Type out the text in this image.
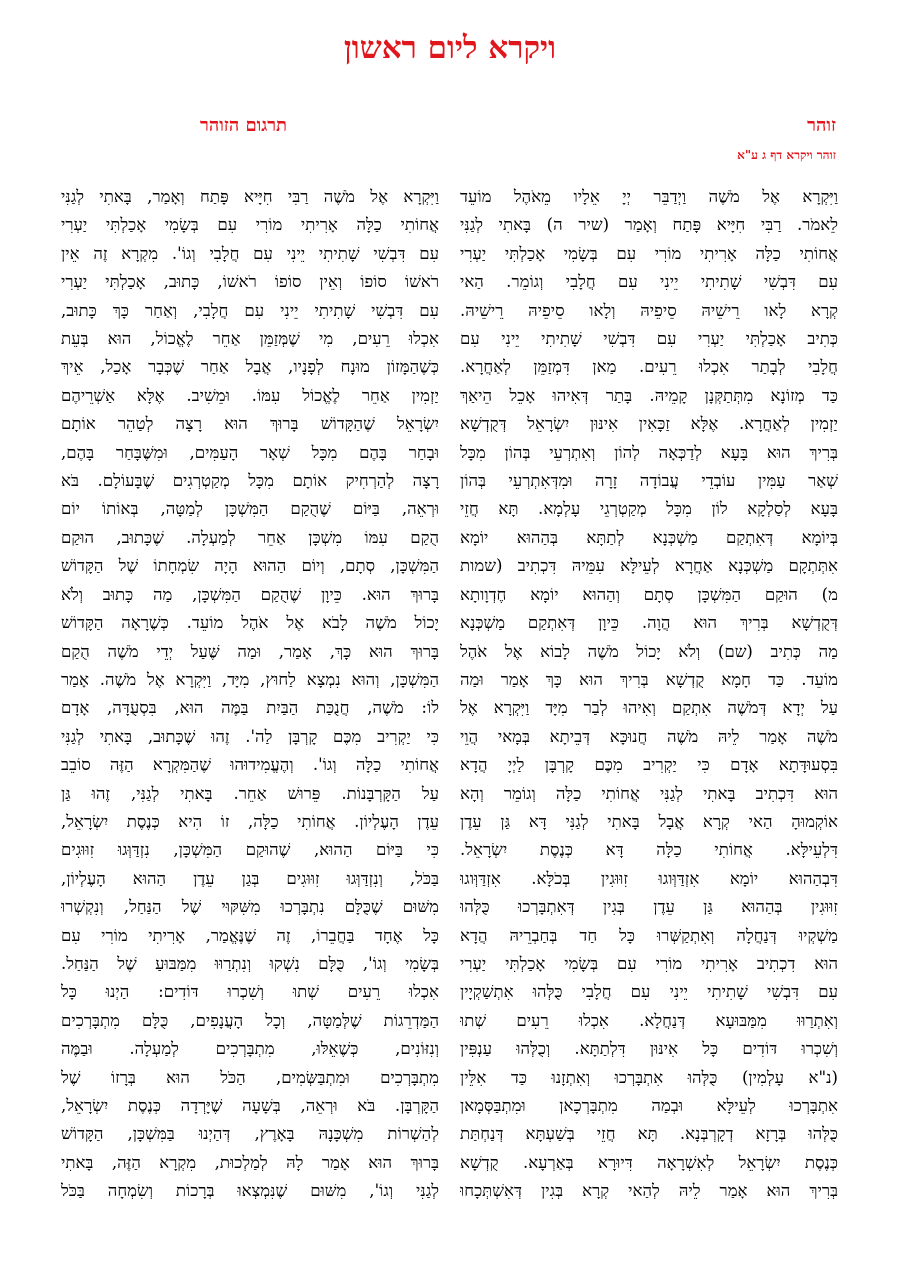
ויקרא ליום ראשון
זוהר
תרגום הזוהר
זוהר ויקרא דף ג ע"א
וַיִּקְרָא אֶל מֹשֶׁה וַיְדַבֵּר יְיָ אֵלָיו מֵאֹהֶל מוֹעֵד
לֵאמֹר. רַבִּי חִיָּיא פָּתַח וְאָמַר (שיר ה) בָּאתִי לְגַנִּי
אֲחוֹתִי כַלָּה אָרִיתִי מוֹרִי עִם בְּשָׂמִי אָכַלְתִּי יַעְרִי
עִם דִּבְשִׁי שָׁתִיתִי יֵינִי עִם חֲלָבִי וְגוֹמֵר. הַאי
קְרָא לָאו רֵישֵׁיהּ סֵיפֵיהּ וְלָאו סֵיפֵיהּ רֵישֵׁיהּ.
כְּתִיב אָכַלְתִּי יַעְרִי עִם דִּבְשִׁי שָׁתִיתִי יֵינִי עִם
חֲלָבִי לְבָתַר אִכְלוּ רֵעִים. מַאן דִּמְזַמֵּן לְאַחֲרָא.
כַּד מְזוֹנָא מִתְּתַקְּנָן קָמֵיהּ. בָּתַר דְּאִיהוּ אָכֵל הֵיאַךְ
יַזְמִין לְאַחֲרָא. אֶלָּא זַכָּאִין אִינּוּן יִשְׂרָאֵל דְּקֻדְשָׁא
בְּרִיךְ הוּא בָּעָא לְדַכְּאָה לְהוֹן וְאִתְרְעֵי בְּהוֹן מִכָּל
שְׁאַר עַמִּין עוֹבְדֵי עֲבוֹדָה זָרָה וּמִדְּאִתְרְעֵי בְּהוֹן
בָּעָא לְסַלְקָא לוֹן מִכָּל מְקַטְרְגֵי עָלְמָא. תָּא חֲזֵי
בְּיוֹמָא דְּאִתְקַם מַשְׁכְּנָא לְתַתָּא בְּהַהוּא יוֹמָא
אִתְּתְקָם מַשְׁכְּנָא אַחֲרָא לְעֵילָּא עִמֵּיהּ דִּכְתִיב (שמות
מ) הוּקַם הַמִּשְׁכָּן סְתָם וְהַהוּא יוֹמָא חֶדְוָותָא
דְּקֻדְשָׁא בְּרִיךְ הוּא הֲוָה. כֵּיוָן דְּאִתְקַם מַשְׁכְּנָא
מַה כְּתִיב (שם) וְלֹא יָכוֹל מֹשֶׁה לָבוֹא אֶל אֹהֶל
מוֹעֵד. כַּד חָמָא קֻדְשָׁא בְּרִיךְ הוּא כָּךְ אָמַר וּמַה
עַל יְדָא דְּמֹשֶׁה אִתְקַם וְאִיהוּ לְבַר מִיָּד וַיִּקְרָא אֶל
מֹשֶׁה אָמַר לֵיהּ מֹשֶׁה חֲנוּכָּא דְּבֵיתָא בְּמָאי הֲוֵי
בִּסְעוּדָּתָא אָדָם כִּי יַקְרִיב מִכֶּם קָרְבָּן לַיְיָ הֲדָא
הוּא דִּכְתִיב בָּאתִי לְגַנִּי אֲחוֹתִי כַלָּה וְגוֹמֵר וְהָא
אוֹקְמוּהָ הַאי קְרָא אֲבָל בָּאתִי לְגַנִּי דָּא גַּן עֵדֶן
דִּלְעֵילָּא. אֲחוֹתִי כַלָּה דָּא כְּנֶסֶת יִשְׂרָאֵל.
דִּבְהַהוּא יוֹמָא אִזְדַּוְּוגוּ זִוּוּגִין בְּכֹלָּא. אִזְדַּוְּוגוּ
זִוּוּגִין בְּהַהוּא גַּן עֵדֶן בְּגִין דְּאִתְבָּרְכוּ כֻּלְּהוּ
מַשְׁקְיוּ דְּנַחֲלָה וְאִתְקַשְּׁרוּ כָּל חַד בְּחַבְרֵיהּ הֲדָא
הוּא דִכְתִיב אָרִיתִי מוֹרִי עִם בְּשָׂמִי אָכַלְתִּי יַעְרִי
עִם דִּבְשִׁי שָׁתִיתִי יֵינִי עִם חֲלָבִי כֻּלְּהוּ אִתְשַׁקְיָין
וְאִתְרַוּוּ מִמַּבּוּעָא דְּנַחֲלָא. אִכְלוּ רֵעִים שְׁתוּ
וְשִׁכְרוּ דּוֹדִים כָּל אִינּוּן דִּלְתַתָּא. וְכֻלְּהוּ עַנְפִּין
(נ"א עָלְמִין) כֻּלְּהוּ אִתְבָּרְכוּ וְאִתְזָנוּ כַּד אִלֵּין
אִתְבָּרְכוּ לְעֵילָּא וּבְמַה מִתְבָּרְכָאן וּמִתְבַּסְּמָאן
כֻּלְּהוּ בְּרָזָא דְקָרְבְּנָא. תָּא חֲזֵי בְּשַׁעְתָּא דְּנַחְתַּת
כְּנֶסֶת יִשְׂרָאֵל לְאִשְׁרָאָה דִּיוּרָא בְּאַרְעָא. קֻדְשָׁא
בְּרִיךְ הוּא אָמַר לֵיהּ לְהַאי קְרָא בְּגִין דְּאִשְׁתְּכָחוּ
וַיִּקְרָא אֶל מֹשֶׁה רַבִּי חִיָּיא פָּתַח וְאָמַר, בָּאתִי לְגַנִּי
אֲחוֹתִי כַלָּה אָרִיתִי מוֹרִי עִם בְּשָׂמִי אָכַלְתִּי יַעְרִי
עִם דִּבְשִׁי שָׁתִיתִי יֵינִי עִם חֲלָבִי וְגוֹ'. מִקְרָא זֶה אֵין
רֹאשׁוֹ סוֹפוֹ וְאֵין סוֹפוֹ רֹאשׁוֹ, כָּתוּב, אָכַלְתִּי יַעְרִי
עִם דִּבְשִׁי שָׁתִיתִי יֵינִי עִם חֲלָבִי, וְאַחַר כָּךְ כָּתוּב,
אִכְלוּ רֵעִים, מִי שֶׁמְּזַמֵּן אַחֵר לֶאֱכוֹל, הוּא בְּעֵת
כְּשֶׁהַמָּזוֹן מוּנָח לְפָנָיו, אֲבָל אַחַר שֶׁכְּבָר אָכַל, אֵיךְ
יַזְמִין אַחֵר לֶאֱכוֹל עִמּוֹ. וּמֵשִׁיב. אֶלָּא אַשְׁרֵיהֶם
יִשְׂרָאֵל שֶׁהַקָּדוֹשׁ בָּרוּךְ הוּא רָצָה לְטַהֵר אוֹתָם
וּבָחַר בָּהֶם מִכָּל שְׁאָר הָעַמִּים, וּמִשֶּׁבָּחַר בָּהֶם,
רָצָה לְהַרְחִיק אוֹתָם מִכָּל מְקַטְרְגִים שֶׁבָּעוֹלָם. בֹּא
וּרְאֵה, בַּיּוֹם שֶׁהֻקַם הַמִּשְׁכָּן לְמַטָּה, בְּאוֹתוֹ יוֹם
הֻקַם עִמּוֹ מִשְׁכָּן אַחֵר לְמַעְלָה. שֶׁכָּתוּב, הוּקַם
הַמִּשְׁכָּן, סְתָם, וְיוֹם הַהוּא הָיָה שִׂמְחָתוֹ שֶׁל הַקָּדוֹשׁ
בָּרוּךְ הוּא. כֵּיוָן שֶׁהֻקַם הַמִּשְׁכָּן, מַה כָּתוּב וְלֹא
יָכוֹל מֹשֶׁה לָבֹא אֶל אֹהֶל מוֹעֵד. כְּשֶׁרָאָה הַקָּדוֹשׁ
בָּרוּךְ הוּא כָּךְ, אָמַר, וּמַה שֶּׁעַל יְדֵי מֹשֶׁה הֻקַם
הַמִּשְׁכָּן, וְהוּא נִמְצָא לַחוּץ, מִיָּד, וַיִּקְרָא אֶל מֹשֶׁה. אָמַר
לוֹ: מֹשֶׁה, חֲנֻכַּת הַבַּיִת בַּמֶּה הוּא, בִּסְעֻדָּה, אָדָם
כִּי יַקְרִיב מִכֶּם קָרְבָּן לַה'. זֶהוּ שֶׁכָּתוּב, בָּאתִי לְגַנִּי
אֲחוֹתִי כַלָּה וְגוֹ'. וְהֶעֱמִידוּהוּ שֶׁהַמִּקְרָא הַזֶּה סוֹבֵב
עַל הַקָּרְבָּנוֹת. פֵּרוּשׁ אַחֵר. בָּאתִי לְגַנִּי, זֶהוּ גַּן
עֵדֶן הָעֶלְיוֹן. אֲחוֹתִי כַלָּה, זוֹ הִיא כְּנֶסֶת יִשְׂרָאֵל,
כִּי בַּיּוֹם הַהוּא, שֶׁהוּקַם הַמִּשְׁכָּן, נִזְדַּוְּגוּ זִוּוּגִים
בַּכֹּל, וְנִזְדַּוְּגוּ זִוּוּגִים בְּגַן עֵדֶן הַהוּא הָעֶלְיוֹן,
מִשּׁוּם שֶׁכֻּלָּם נִתְבָּרְכוּ מִשִּׁקּוּי שֶׁל הַנַּחַל, וְנִקְשְׁרוּ
כָּל אֶחָד בַּחֲבֵרוֹ, זֶה שֶׁנֶּאֱמַר, אָרִיתִי מוֹרִי עִם
בְּשָׂמִי וְגוֹ', כֻּלָּם נִשְׁקוּ וְנִתְרַוּוּ מִמַּבּוּעַ שֶׁל הַנַּחַל.
אִכְלוּ רֵעִים שְׁתוּ וְשִׁכְרוּ דּוֹדִים: הַיְנוּ כָּל
הַמַּדְרֵגוֹת שֶׁלְּמַטָּה, וְכָל הָעֲנָפִים, כֻּלָּם מִתְבָּרְכִים
וְנִזּוֹנִים, כְּשֶׁאֵלּוּ, מִתְבָּרְכִים לְמַעְלָה. וּבַמֶּה
מִתְבָּרְכִים וּמִתְבַּשְּׂמִים, הַכֹּל הוּא בְּרָזוֹ שֶׁל
הַקָּרְבָּן. בֹּא וּרְאֵה, בְּשָׁעָה שֶׁיָּרְדָה כְּנֶסֶת יִשְׂרָאֵל,
לְהַשְׁרוֹת מִשְׁכָּנָהּ בָּאָרֶץ, דְּהַיְנוּ בַּמִּשְׁכָּן, הַקָּדוֹשׁ
בָּרוּךְ הוּא אָמַר לָהּ לְמַלְכוּת, מִקְרָא הַזֶּה, בָּאתִי
לְגַנִּי וְגוֹ', מִשּׁוּם שֶׁנִּמְצְאוּ בְּרָכוֹת וְשִׂמְחָה בַּכֹּל
